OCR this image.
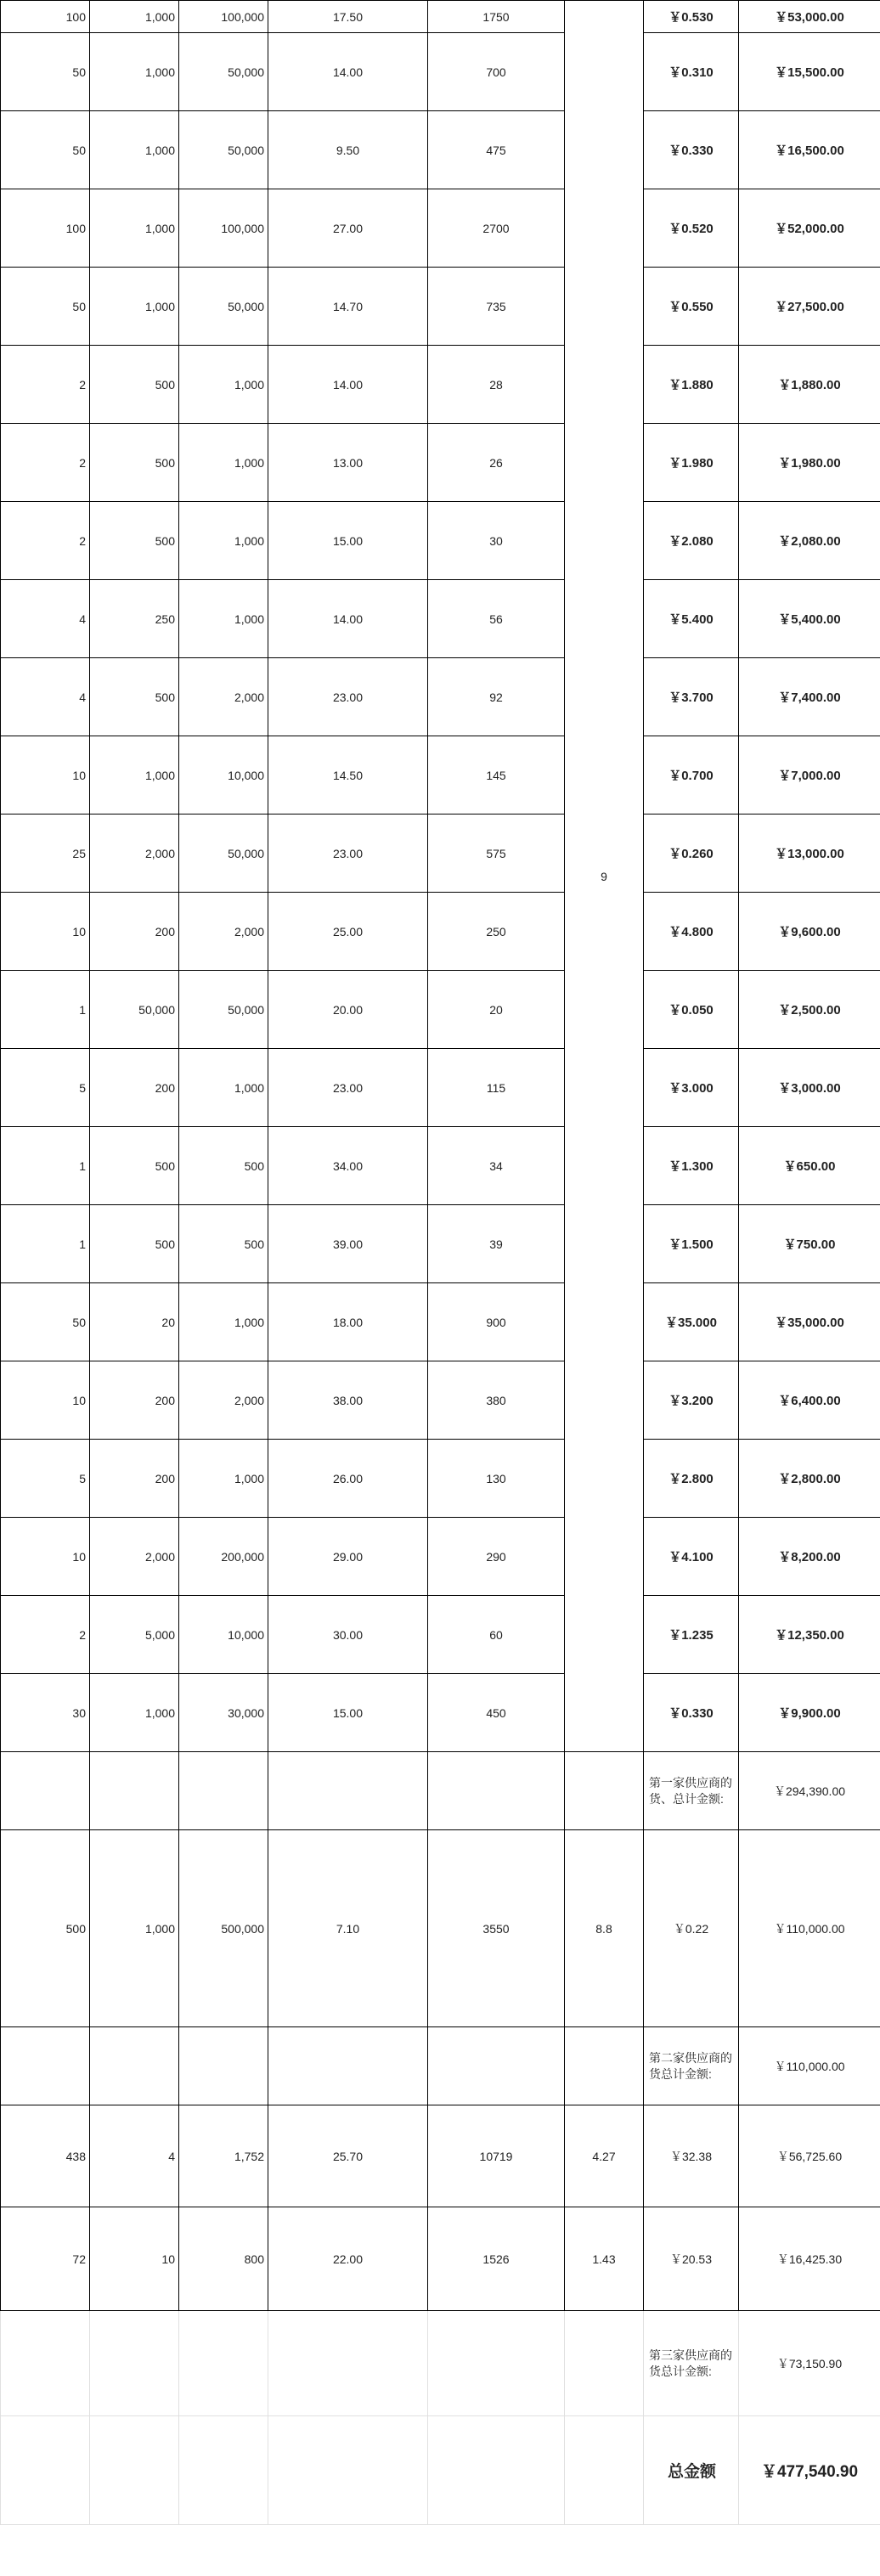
100	1,000	100,000	17.50	1750	9	￥0.530	￥53,000.00
50	1,000	50,000	14.00	700		￥0.310	￥15,500.00
50	1,000	50,000	9.50	475		￥0.330	￥16,500.00
100	1,000	100,000	27.00	2700		￥0.520	￥52,000.00
50	1,000	50,000	14.70	735		￥0.550	￥27,500.00
2	500	1,000	14.00	28		￥1.880	￥1,880.00
2	500	1,000	13.00	26		￥1.980	￥1,980.00
2	500	1,000	15.00	30		￥2.080	￥2,080.00
4	250	1,000	14.00	56		￥5.400	￥5,400.00
4	500	2,000	23.00	92		￥3.700	￥7,400.00
10	1,000	10,000	14.50	145		￥0.700	￥7,000.00
25	2,000	50,000	23.00	575		￥0.260	￥13,000.00
10	200	2,000	25.00	250		￥4.800	￥9,600.00
1	50,000	50,000	20.00	20		￥0.050	￥2,500.00
5	200	1,000	23.00	115		￥3.000	￥3,000.00
1	500	500	34.00	34		￥1.300	￥650.00
1	500	500	39.00	39		￥1.500	￥750.00
50	20	1,000	18.00	900		￥35.000	￥35,000.00
10	200	2,000	38.00	380		￥3.200	￥6,400.00
5	200	1,000	26.00	130		￥2.800	￥2,800.00
10	2,000	200,000	29.00	290		￥4.100	￥8,200.00
2	5,000	10,000	30.00	60		￥1.235	￥12,350.00
30	1,000	30,000	15.00	450		￥0.330	￥9,900.00
						第一家供应商的货、总计金额:	￥294,390.00
500	1,000	500,000	7.10	3550	8.8	￥0.22	￥110,000.00
						第二家供应商的货总计金额:	￥110,000.00
438	4	1,752	25.70	10719	4.27	￥32.38	￥56,725.60
72	10	800	22.00	1526	1.43	￥20.53	￥16,425.30
						第三家供应商的货总计金额:	￥73,150.90
						总金额	￥477,540.90
